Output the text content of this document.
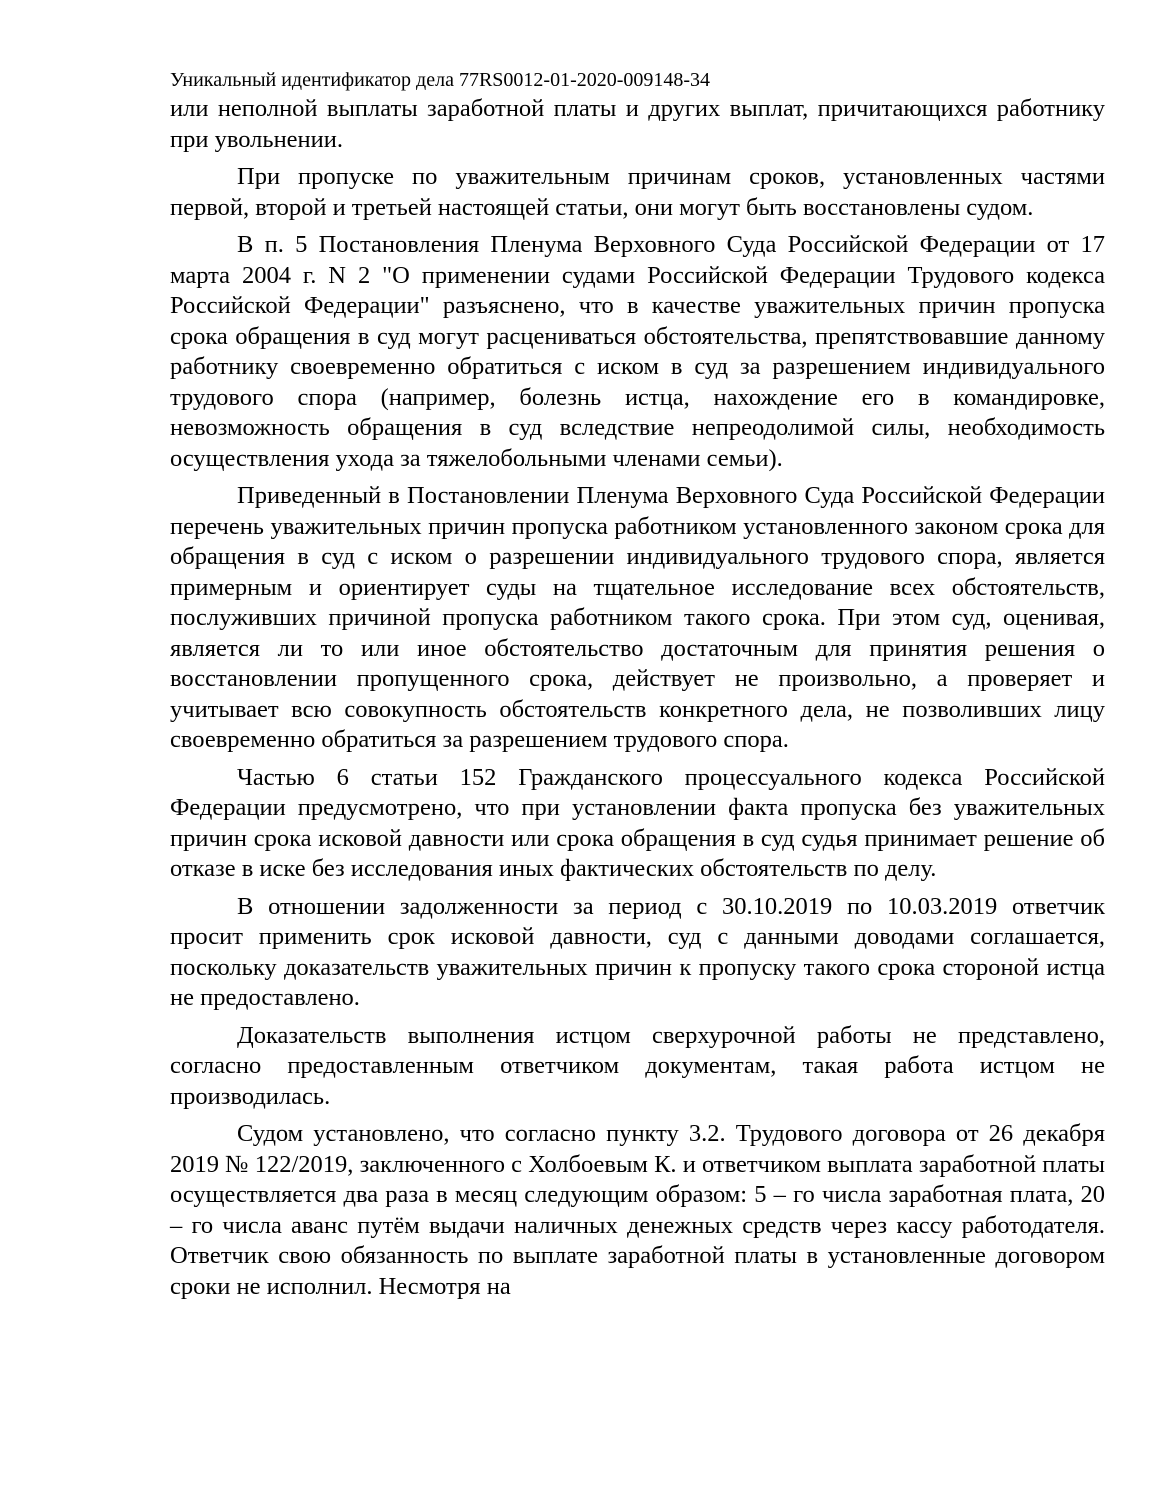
Уникальный идентификатор дела 77RS0012-01-2020-009148-34

или неполной выплаты заработной платы и других выплат, причитающихся работнику при увольнении.

При пропуске по уважительным причинам сроков, установленных частями первой, второй и третьей настоящей статьи, они могут быть восстановлены судом.

В п. 5 Постановления Пленума Верховного Суда Российской Федерации от 17 марта 2004 г. N 2 "О применении судами Российской Федерации Трудового кодекса Российской Федерации" разъяснено, что в качестве уважительных причин пропуска срока обращения в суд могут расцениваться обстоятельства, препятствовавшие данному работнику своевременно обратиться с иском в суд за разрешением индивидуального трудового спора (например, болезнь истца, нахождение его в командировке, невозможность обращения в суд вследствие непреодолимой силы, необходимость осуществления ухода за тяжелобольными членами семьи).

Приведенный в Постановлении Пленума Верховного Суда Российской Федерации перечень уважительных причин пропуска работником установленного законом срока для обращения в суд с иском о разрешении индивидуального трудового спора, является примерным и ориентирует суды на тщательное исследование всех обстоятельств, послуживших причиной пропуска работником такого срока. При этом суд, оценивая, является ли то или иное обстоятельство достаточным для принятия решения о восстановлении пропущенного срока, действует не произвольно, а проверяет и учитывает всю совокупность обстоятельств конкретного дела, не позволивших лицу своевременно обратиться за разрешением трудового спора.

Частью 6 статьи 152 Гражданского процессуального кодекса Российской Федерации предусмотрено, что при установлении факта пропуска без уважительных причин срока исковой давности или срока обращения в суд судья принимает решение об отказе в иске без исследования иных фактических обстоятельств по делу.

В отношении задолженности за период с 30.10.2019 по 10.03.2019 ответчик просит применить срок исковой давности, суд с данными доводами соглашается, поскольку доказательств уважительных причин к пропуску такого срока стороной истца не предоставлено.

Доказательств выполнения истцом сверхурочной работы не представлено, согласно предоставленным ответчиком документам, такая работа истцом не производилась.

Судом установлено, что согласно пункту 3.2. Трудового договора от 26 декабря 2019 № 122/2019, заключенного с Холбоевым К. и ответчиком выплата заработной платы осуществляется два раза в месяц следующим образом: 5 – го числа заработная плата, 20 – го числа аванс путём выдачи наличных денежных средств через кассу работодателя. Ответчик свою обязанность по выплате заработной платы в установленные договором сроки не исполнил. Несмотря на
